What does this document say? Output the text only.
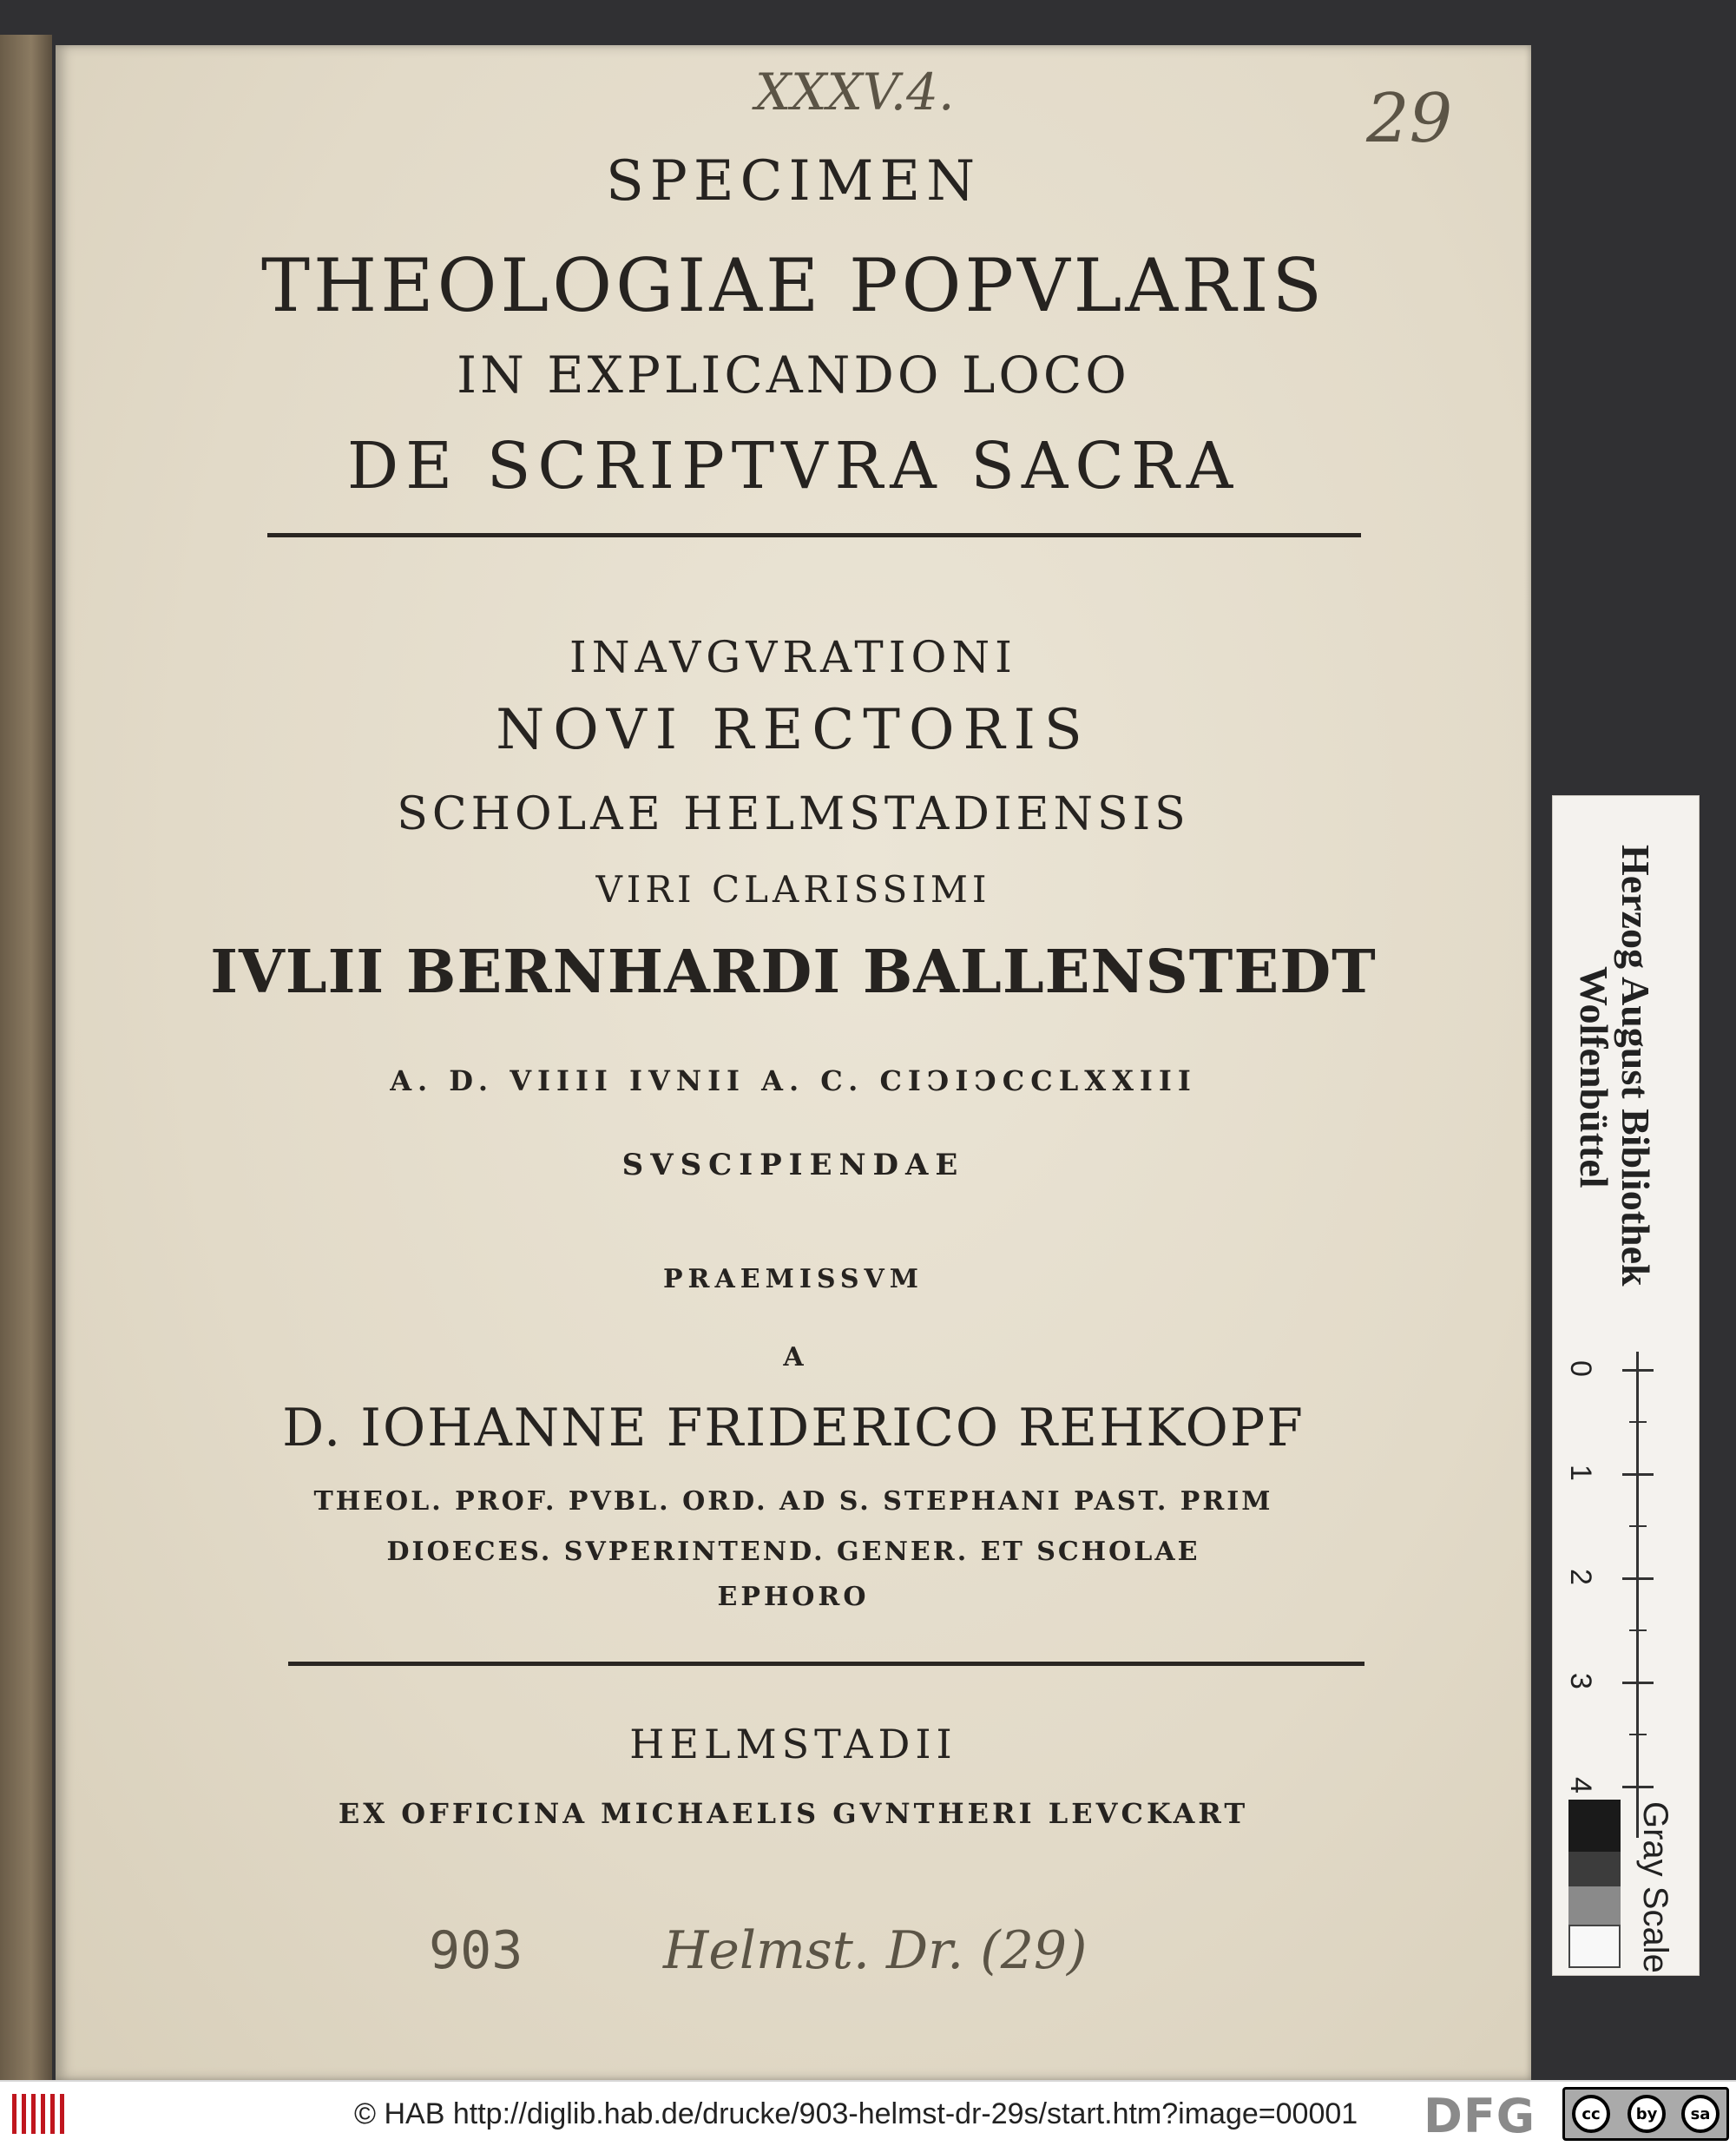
XXXV.4.	29
SPECIMEN
THEOLOGIAE POPVLARIS
IN EXPLICANDO LOCO
DE SCRIPTVRA SACRA
INAVGVRATIONI
NOVI RECTORIS
SCHOLAE HELMSTADIENSIS
VIRI CLARISSIMI
IVLII BERNHARDI BALLENSTEDT
A. D. VIIII IVNII A. C. CIϽIϽCCLXXIII
SVSCIPIENDAE
PRAEMISSVM
A
D. IOHANNE FRIDERICO REHKOPF
THEOL. PROF. PVBL. ORD. AD S. STEPHANI PAST. PRIM
DIOECES. SVPERINTEND. GENER. ET SCHOLAE
EPHORO
HELMSTADII
EX OFFICINA MICHAELIS GVNTHERI LEVCKART
903	Helmst. Dr. (29)
Herzog August Bibliothek
Wolfenbüttel
0
1
2
3
4
Gray Scale
© HAB http://diglib.hab.de/drucke/903-helmst-dr-29s/start.htm?image=00001 DFG	cc	by	sa
